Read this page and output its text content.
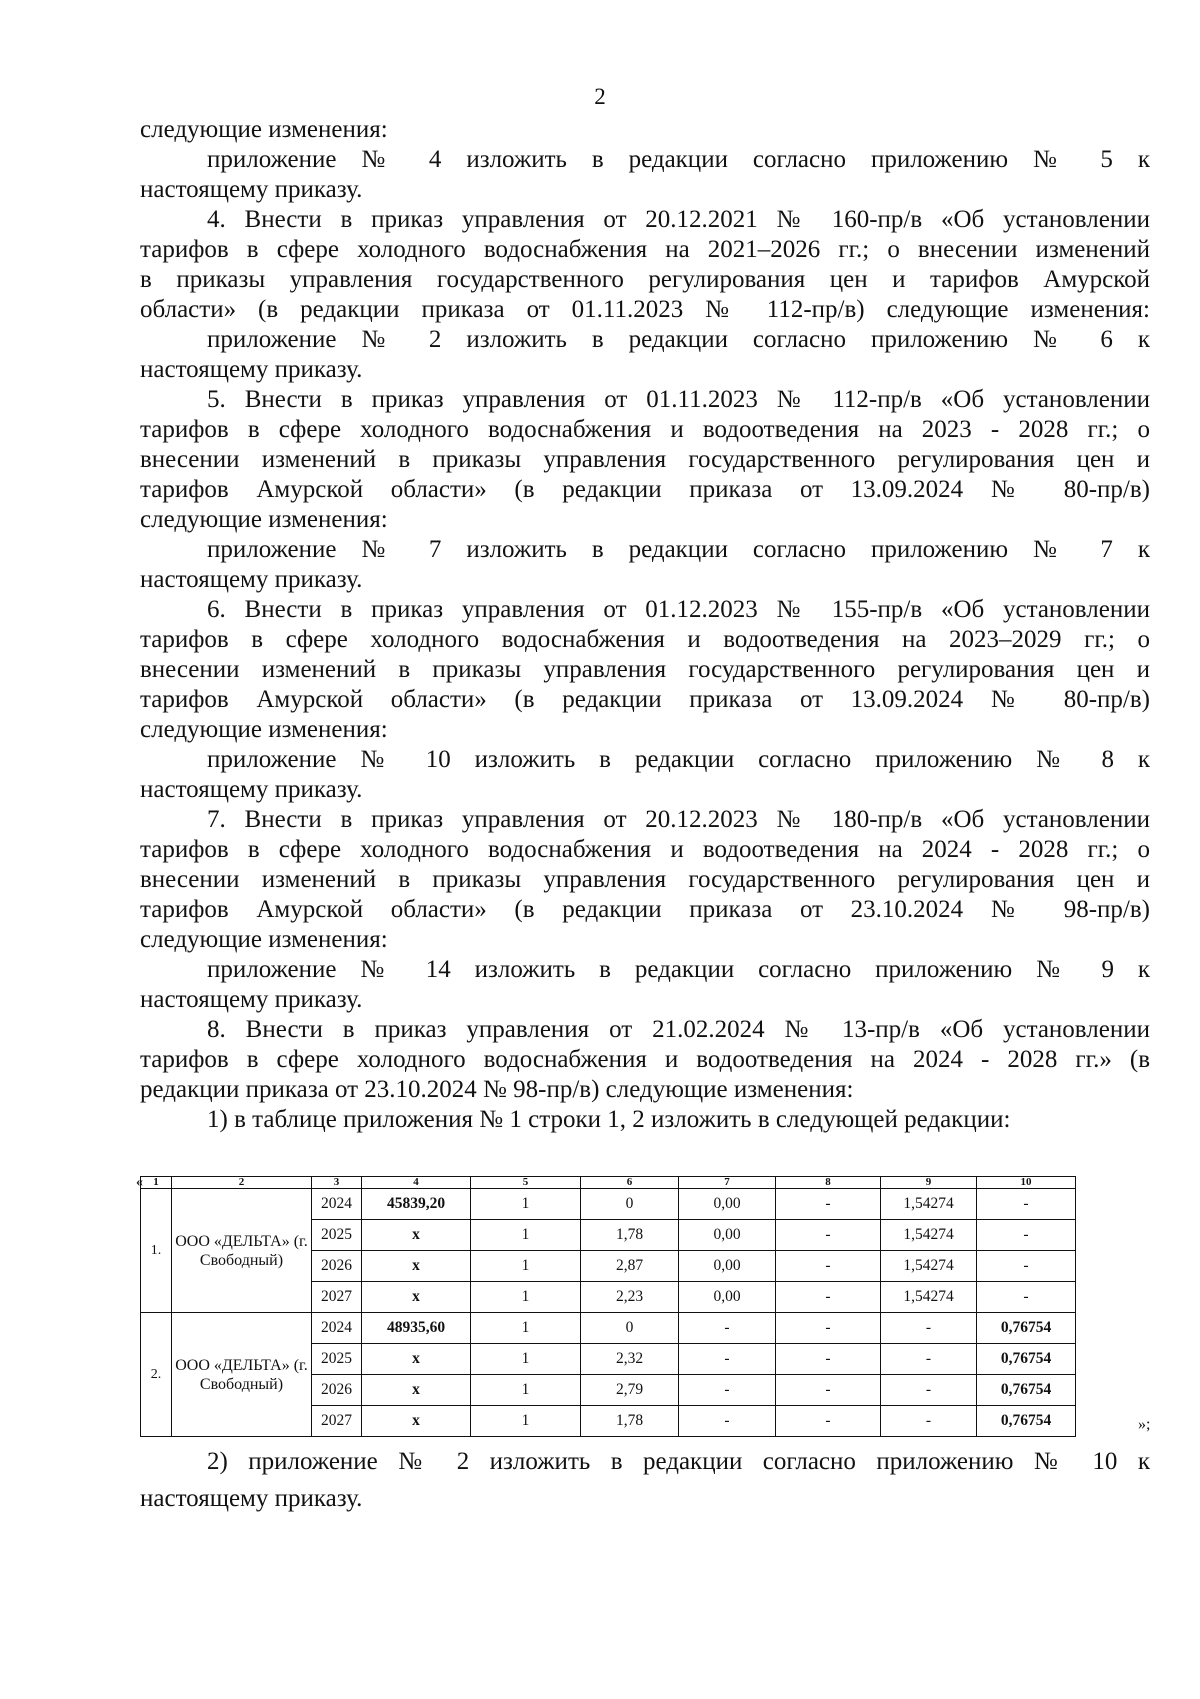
2
следующие изменения:
приложение № 4 изложить в редакции согласно приложению № 5 к
настоящему приказу.
4. Внести в приказ управления от 20.12.2021 № 160-пр/в «Об установлении
тарифов в сфере холодного водоснабжения на 2021–2026 гг.; о внесении изменений
в приказы управления государственного регулирования цен и тарифов Амурской
области» (в редакции приказа от 01.11.2023 № 112-пр/в) следующие изменения:
приложение № 2 изложить в редакции согласно приложению № 6 к
настоящему приказу.
5. Внести в приказ управления от 01.11.2023 № 112-пр/в «Об установлении
тарифов в сфере холодного водоснабжения и водоотведения на 2023 - 2028 гг.; о
внесении изменений в приказы управления государственного регулирования цен и
тарифов Амурской области» (в редакции приказа от 13.09.2024 № 80-пр/в)
следующие изменения:
приложение № 7 изложить в редакции согласно приложению № 7 к
настоящему приказу.
6. Внести в приказ управления от 01.12.2023 № 155-пр/в «Об установлении
тарифов в сфере холодного водоснабжения и водоотведения на 2023–2029 гг.; о
внесении изменений в приказы управления государственного регулирования цен и
тарифов Амурской области» (в редакции приказа от 13.09.2024 № 80-пр/в)
следующие изменения:
приложение № 10 изложить в редакции согласно приложению № 8 к
настоящему приказу.
7. Внести в приказ управления от 20.12.2023 № 180-пр/в «Об установлении
тарифов в сфере холодного водоснабжения и водоотведения на 2024 - 2028 гг.; о
внесении изменений в приказы управления государственного регулирования цен и
тарифов Амурской области» (в редакции приказа от 23.10.2024 № 98-пр/в)
следующие изменения:
приложение № 14 изложить в редакции согласно приложению № 9 к
настоящему приказу.
8. Внести в приказ управления от 21.02.2024 № 13-пр/в «Об установлении
тарифов в сфере холодного водоснабжения и водоотведения на 2024 - 2028 гг.» (в
редакции приказа от 23.10.2024 № 98-пр/в) следующие изменения:
1) в таблице приложения № 1 строки 1, 2 изложить в следующей редакции:
« 1	2	3	4	5	6	7	8	9	10
1.	ООО «ДЕЛЬТА» (г. Свободный)	2024	45839,20	1	0	0,00	-	1,54274	-
		2025	х	1	1,78	0,00	-	1,54274	-
		2026	х	1	2,87	0,00	-	1,54274	-
		2027	х	1	2,23	0,00	-	1,54274	-
2.	ООО «ДЕЛЬТА» (г. Свободный)	2024	48935,60	1	0	-	-	-	0,76754
		2025	х	1	2,32	-	-	-	0,76754
		2026	х	1	2,79	-	-	-	0,76754
		2027	х	1	1,78	-	-	-	0,76754	»;
2) приложение № 2 изложить в редакции согласно приложению № 10 к
настоящему приказу.
